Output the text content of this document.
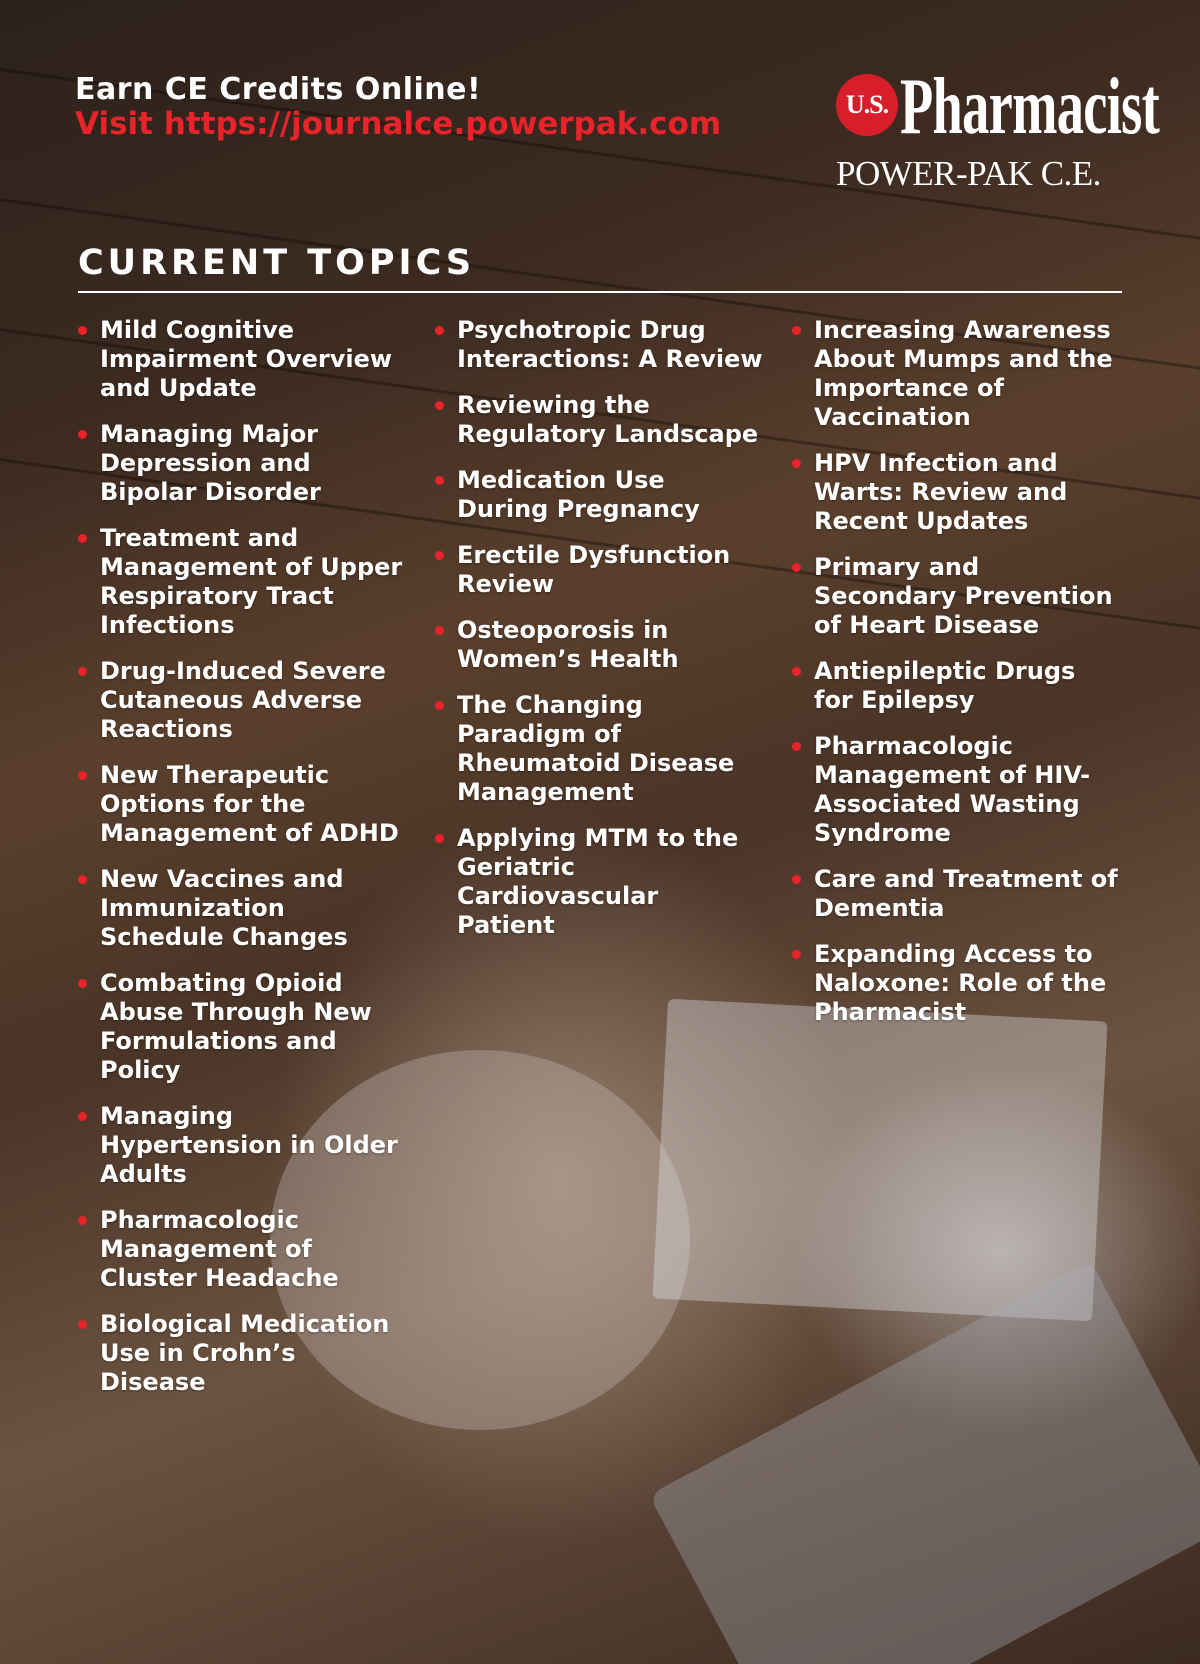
Earn CE Credits Online!

Visit https://journalce.powerpak.com

U.S. Pharmacist
POWER-PAK C.E.
CURRENT TOPICS
Mild Cognitive Impairment Overview and Update
Managing Major Depression and Bipolar Disorder
Treatment and Management of Upper Respiratory Tract Infections
Drug-Induced Severe Cutaneous Adverse Reactions
New Therapeutic Options for the Management of ADHD
New Vaccines and Immunization Schedule Changes
Combating Opioid Abuse Through New Formulations and Policy
Managing Hypertension in Older Adults
Pharmacologic Management of Cluster Headache
Biological Medication Use in Crohn’s Disease
Psychotropic Drug Interactions: A Review
Reviewing the Regulatory Landscape
Medication Use During Pregnancy
Erectile Dysfunction Review
Osteoporosis in Women’s Health
The Changing Paradigm of Rheumatoid Disease Management
Applying MTM to the Geriatric Cardiovascular Patient
Increasing Awareness About Mumps and the Importance of Vaccination
HPV Infection and Warts: Review and Recent Updates
Primary and Secondary Prevention of Heart Disease
Antiepileptic Drugs for Epilepsy
Pharmacologic Management of HIV-Associated Wasting Syndrome
Care and Treatment of Dementia
Expanding Access to Naloxone: Role of the Pharmacist
